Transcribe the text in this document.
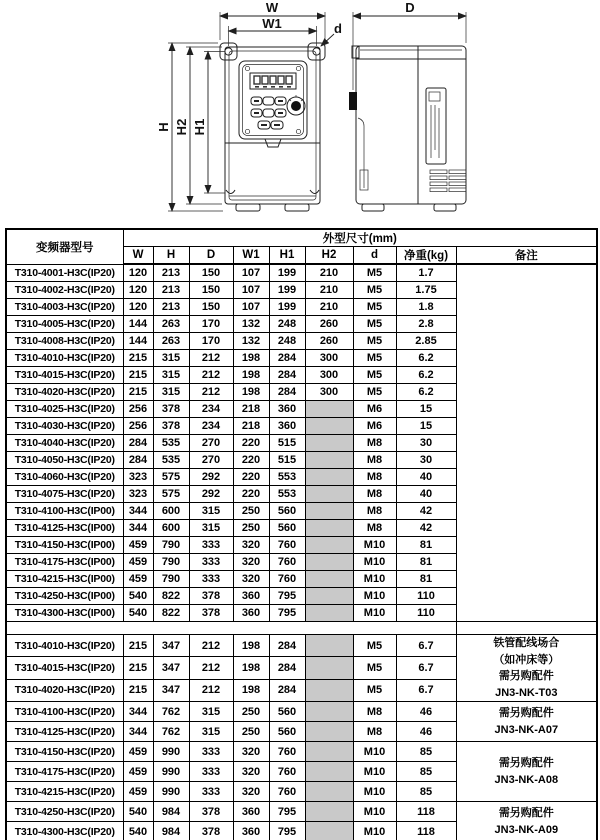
W
W1	d
H H2 H1
D
变频器型号	外型尺寸(mm)								
	W	H	D	W1	H1	H2	d	净重(kg)	备注
T310-4001-H3C(IP20)	120	213	150	107	199	210	M5	1.7	
T310-4002-H3C(IP20)	120	213	150	107	199	210	M5	1.75	
T310-4003-H3C(IP20)	120	213	150	107	199	210	M5	1.8	
T310-4005-H3C(IP20)	144	263	170	132	248	260	M5	2.8	
T310-4008-H3C(IP20)	144	263	170	132	248	260	M5	2.85	
T310-4010-H3C(IP20)	215	315	212	198	284	300	M5	6.2	
T310-4015-H3C(IP20)	215	315	212	198	284	300	M5	6.2	
T310-4020-H3C(IP20)	215	315	212	198	284	300	M5	6.2	
T310-4025-H3C(IP20)	256	378	234	218	360		M6	15	
T310-4030-H3C(IP20)	256	378	234	218	360		M6	15	
T310-4040-H3C(IP20)	284	535	270	220	515		M8	30	
T310-4050-H3C(IP20)	284	535	270	220	515		M8	30	
T310-4060-H3C(IP20)	323	575	292	220	553		M8	40	
T310-4075-H3C(IP20)	323	575	292	220	553		M8	40	
T310-4100-H3C(IP00)	344	600	315	250	560		M8	42	
T310-4125-H3C(IP00)	344	600	315	250	560		M8	42	
T310-4150-H3C(IP00)	459	790	333	320	760		M10	81	
T310-4175-H3C(IP00)	459	790	333	320	760		M10	81	
T310-4215-H3C(IP00)	459	790	333	320	760		M10	81	
T310-4250-H3C(IP00)	540	822	378	360	795		M10	110	
T310-4300-H3C(IP00)	540	822	378	360	795		M10	110	

T310-4010-H3C(IP20)	215	347	212	198	284		M5	6.7	铁管配线场合
（如冲床等）
需另购配件
JN3-NK-T03

T310-4015-H3C(IP20)	215	347	212	198	284		M5	6.7	
T310-4020-H3C(IP20)	215	347	212	198	284		M5	6.7	
T310-4100-H3C(IP20)	344	762	315	250	560		M8	46	需另购配件
JN3-NK-A07

T310-4125-H3C(IP20)	344	762	315	250	560		M8	46	
T310-4150-H3C(IP20)	459	990	333	320	760		M10	85	需另购配件
JN3-NK-A08

T310-4175-H3C(IP20)	459	990	333	320	760		M10	85	
T310-4215-H3C(IP20)	459	990	333	320	760		M10	85	
T310-4250-H3C(IP20)	540	984	378	360	795		M10	118	需另购配件
JN3-NK-A09

T310-4300-H3C(IP20)	540	984	378	360	795		M10	118	
